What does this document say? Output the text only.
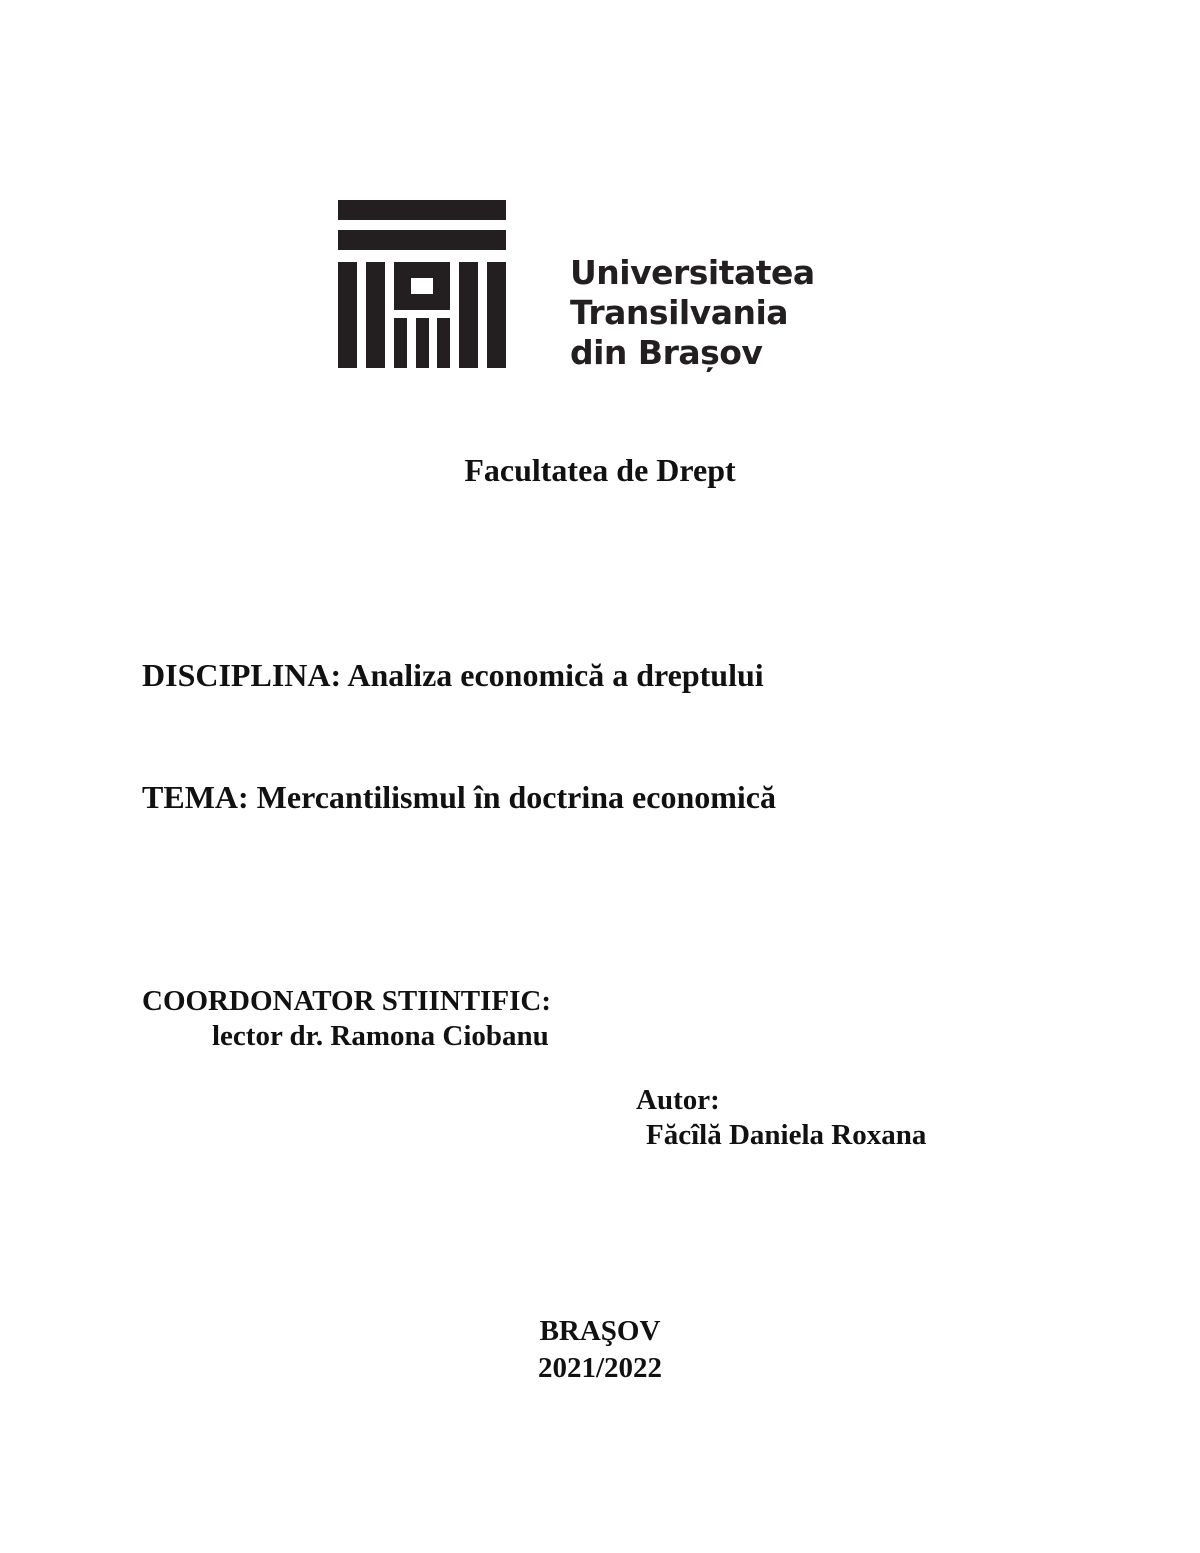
Universitatea
Transilvania
din Brașov
Facultatea de Drept
DISCIPLINA: Analiza economică a dreptului
TEMA: Mercantilismul în doctrina economică
COORDONATOR STIINTIFIC:
lector dr. Ramona Ciobanu
Autor:
Făcîlă Daniela Roxana
BRAŞOV
2021/2022
